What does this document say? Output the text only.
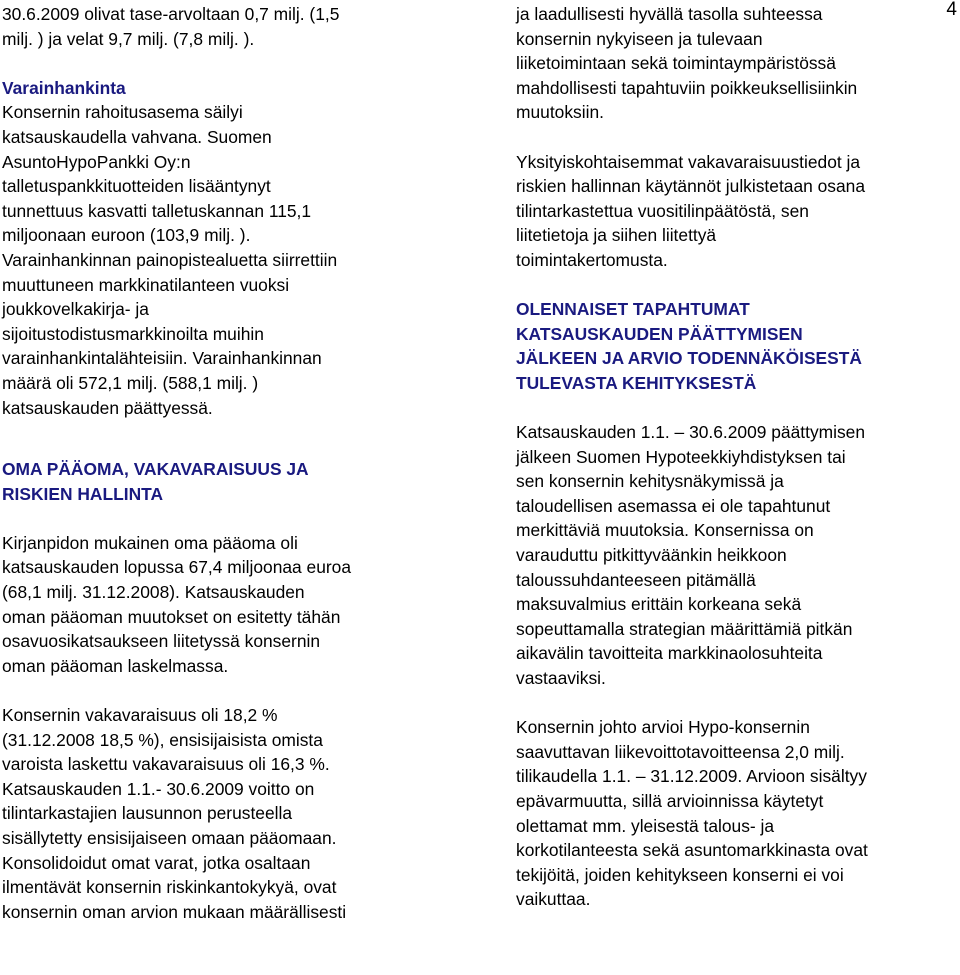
4

30.6.2009 olivat tase-arvoltaan 0,7 milj. (1,5
milj. ) ja velat 9,7 milj. (7,8 milj. ).

Varainhankinta

Konsernin rahoitusasema säilyi
katsauskaudella vahvana. Suomen
AsuntoHypoPankki Oy:n
talletuspankkituotteiden lisääntynyt
tunnettuus kasvatti talletuskannan 115,1
miljoonaan euroon (103,9 milj. ).
Varainhankinnan painopistealuetta siirrettiin
muuttuneen markkinatilanteen vuoksi
joukkovelkakirja- ja
sijoitustodistusmarkkinoilta muihin
varainhankintalähteisiin. Varainhankinnan
määrä oli 572,1 milj. (588,1 milj. )
katsauskauden päättyessä.

OMA PÄÄOMA, VAKAVARAISUUS JA
RISKIEN HALLINTA

Kirjanpidon mukainen oma pääoma oli
katsauskauden lopussa 67,4 miljoonaa euroa
(68,1 milj. 31.12.2008). Katsauskauden
oman pääoman muutokset on esitetty tähän
osavuosikatsaukseen liitetyssä konsernin
oman pääoman laskelmassa.

Konsernin vakavaraisuus oli 18,2 %
(31.12.2008 18,5 %), ensisijaisista omista
varoista laskettu vakavaraisuus oli 16,3 %.
Katsauskauden 1.1.- 30.6.2009 voitto on
tilintarkastajien lausunnon perusteella
sisällytetty ensisijaiseen omaan pääomaan.
Konsolidoidut omat varat, jotka osaltaan
ilmentävät konsernin riskinkantokykyä, ovat
konsernin oman arvion mukaan määrällisesti

ja laadullisesti hyvällä tasolla suhteessa
konsernin nykyiseen ja tulevaan
liiketoimintaan sekä toimintaympäristössä
mahdollisesti tapahtuviin poikkeuksellisiinkin
muutoksiin.

Yksityiskohtaisemmat vakavaraisuustiedot ja
riskien hallinnan käytännöt julkistetaan osana
tilintarkastettua vuositilinpäätöstä, sen
liitetietoja ja siihen liitettyä
toimintakertomusta.

OLENNAISET TAPAHTUMAT
KATSAUSKAUDEN PÄÄTTYMISEN
JÄLKEEN JA ARVIO TODENNÄKÖISESTÄ
TULEVASTA KEHITYKSESTÄ

Katsauskauden 1.1. – 30.6.2009 päättymisen
jälkeen Suomen Hypoteekkiyhdistyksen tai
sen konsernin kehitysnäkymissä ja
taloudellisen asemassa ei ole tapahtunut
merkittäviä muutoksia. Konsernissa on
varauduttu pitkittyväänkin heikkoon
taloussuhdanteeseen pitämällä
maksuvalmius erittäin korkeana sekä
sopeuttamalla strategian määrittämiä pitkän
aikavälin tavoitteita markkinaolosuhteita
vastaaviksi.

Konsernin johto arvioi Hypo-konsernin
saavuttavan liikevoittotavoitteensa 2,0 milj.
tilikaudella 1.1. – 31.12.2009. Arvioon sisältyy
epävarmuutta, sillä arvioinnissa käytetyt
olettamat mm. yleisestä talous- ja
korkotilanteesta sekä asuntomarkkinasta ovat
tekijöitä, joiden kehitykseen konserni ei voi
vaikuttaa.
